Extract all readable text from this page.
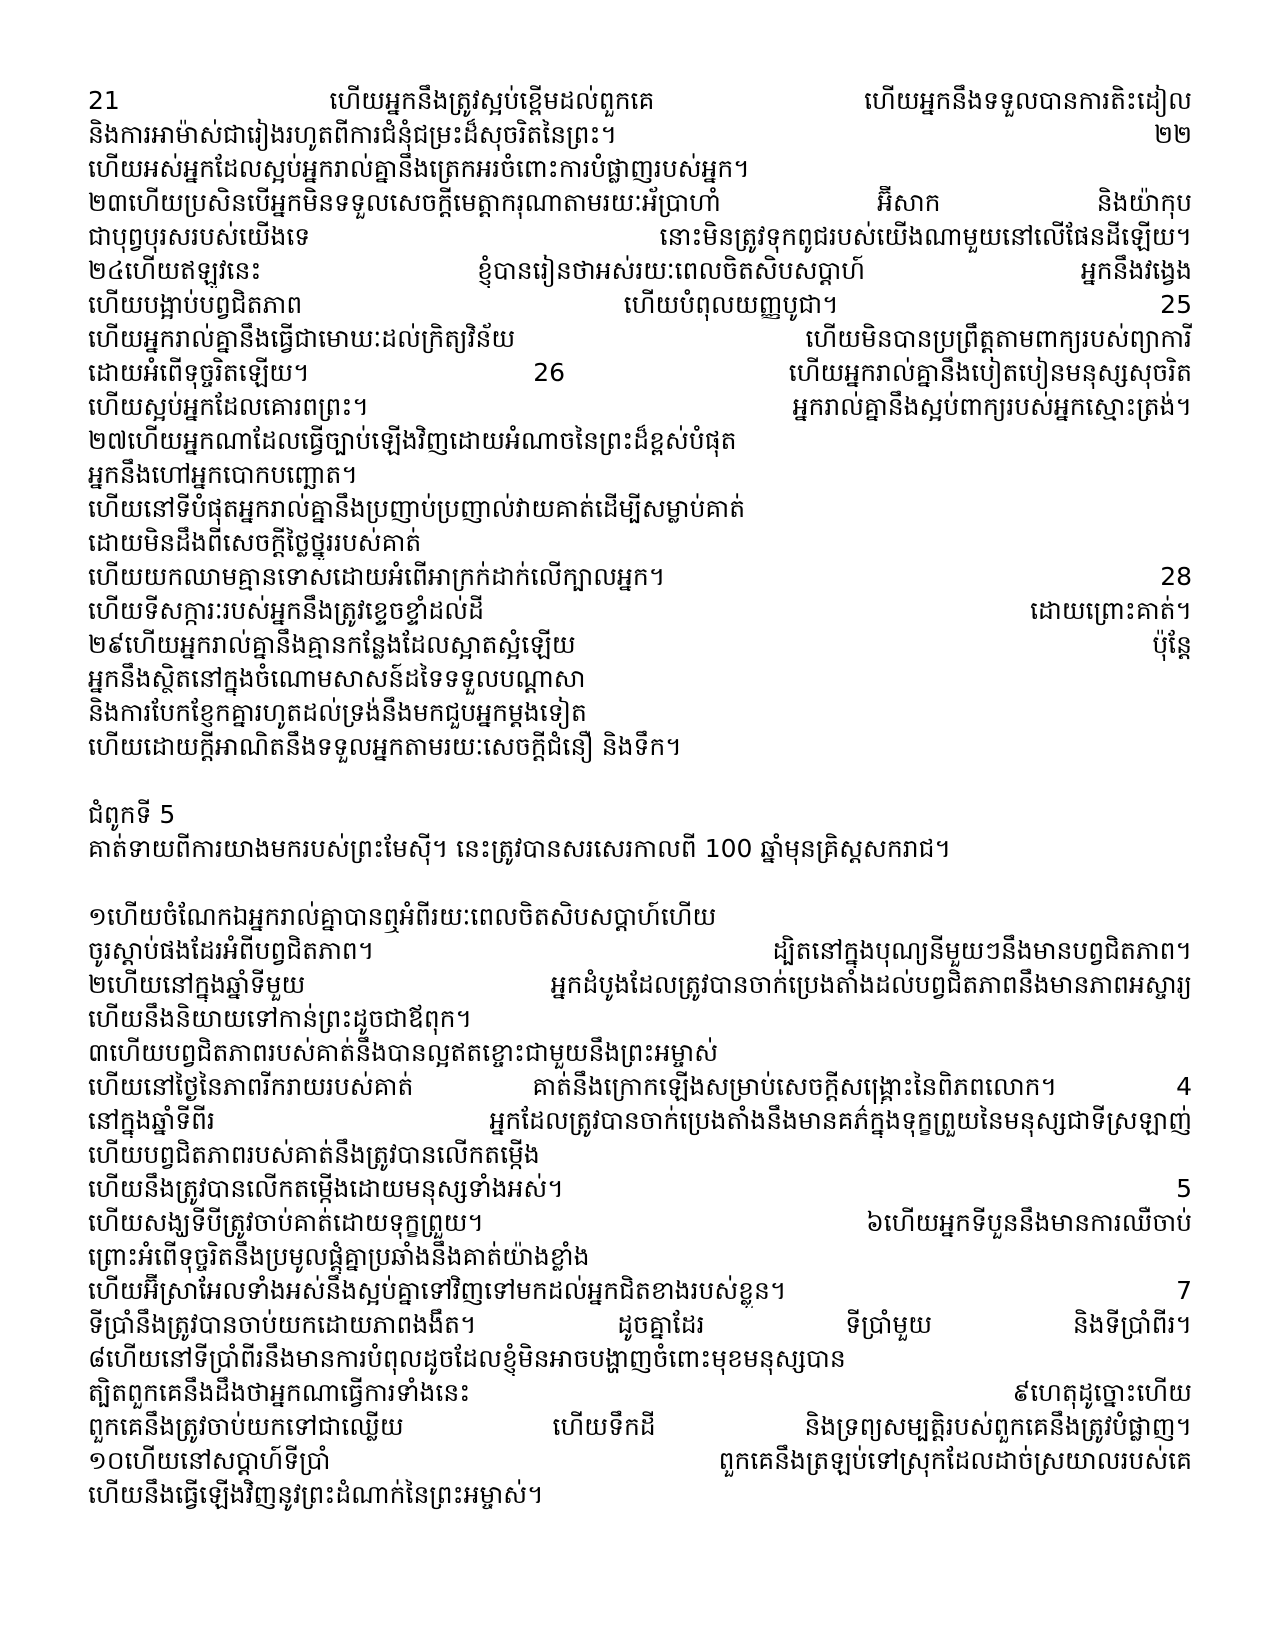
21	ហើយអ្នកនឹងត្រូវស្អប់ខ្ពើមដល់ពួកគេ	ហើយអ្នកនឹងទទួលបានការតិះដៀល
និងការអាម៉ាស់ជារៀងរហូតពីការជំនុំជម្រះដ៏សុចរិតនៃព្រះ។	២២
ហើយអស់អ្នកដែលស្អប់អ្នករាល់គ្នានឹងត្រេកអរចំពោះការបំផ្លាញរបស់អ្នក។
២៣ហើយប្រសិនបើអ្នកមិនទទួលសេចក្តីមេត្តាករុណាតាមរយៈអ័ប្រាហាំ	អ៊ីសាក	និងយ៉ាកុប
ជាបុព្វបុរសរបស់យើងទេ	នោះមិនត្រូវទុកពូជរបស់យើងណាមួយនៅលើផែនដីឡើយ។
២៤ហើយឥឡូវនេះ	ខ្ញុំបានរៀនថាអស់រយៈពេលចិតសិបសប្តាហ៍	អ្នកនឹងវង្វេង
ហើយបង្អាប់បព្វជិតភាព	ហើយបំពុលយញ្ញបូជា។	25
ហើយអ្នករាល់គ្នានឹងធ្វើជាមោឃៈដល់ក្រិត្យវិន័យ	ហើយមិនបានប្រព្រឹត្តតាមពាក្យរបស់ព្យាការី
ដោយអំពើទុច្ចរិតឡើយ។	26	ហើយអ្នករាល់គ្នានឹងបៀតបៀនមនុស្សសុចរិត
ហើយស្អប់អ្នកដែលគោរពព្រះ។	អ្នករាល់គ្នានឹងស្អប់ពាក្យរបស់អ្នកស្មោះត្រង់។
២៧ហើយអ្នកណាដែលធ្វើច្បាប់ឡើងវិញដោយអំណាចនៃព្រះដ៏ខ្ពស់បំផុត
អ្នកនឹងហៅអ្នកបោកបញ្ឆោត។
ហើយនៅទីបំផុតអ្នករាល់គ្នានឹងប្រញាប់ប្រញាល់វាយគាត់ដើម្បីសម្លាប់គាត់
ដោយមិនដឹងពីសេចក្តីថ្លៃថ្នូររបស់គាត់
ហើយយកឈាមគ្មានទោសដោយអំពើអាក្រក់ដាក់លើក្បាលអ្នក។	28
ហើយទីសក្ការៈរបស់អ្នកនឹងត្រូវខ្ទេចខ្ទាំដល់ដី	ដោយព្រោះគាត់។
២៩ហើយអ្នករាល់គ្នានឹងគ្មានកន្លែងដែលស្អាតស្អំឡើយ	ប៉ុន្តែ
អ្នកនឹងស្ថិតនៅក្នុងចំណោមសាសន៍ដទៃទទួលបណ្តាសា
និងការបែកខ្ញែកគ្នារហូតដល់ទ្រង់នឹងមកជួបអ្នកម្តងទៀត
ហើយដោយក្តីអាណិតនឹងទទួលអ្នកតាមរយៈសេចក្តីជំនឿ និងទឹក។
ជំពូកទី 5
គាត់ទាយពីការយាងមករបស់ព្រះមែស៊ី។ នេះត្រូវបានសរសេរកាលពី 100 ឆ្នាំមុនគ្រិស្តសករាជ។
១ហើយចំណែកឯអ្នករាល់គ្នាបានឮអំពីរយៈពេលចិតសិបសប្តាហ៍ហើយ
ចូរស្តាប់ផងដែរអំពីបព្វជិតភាព។	ដ្បិតនៅក្នុងបុណ្យនីមួយៗនឹងមានបព្វជិតភាព។
២ហើយនៅក្នុងឆ្នាំទីមួយ	អ្នកដំបូងដែលត្រូវបានចាក់ប្រេងតាំងដល់បព្វជិតភាពនឹងមានភាពអស្ចារ្យ
ហើយនឹងនិយាយទៅកាន់ព្រះដូចជាឪពុក។
៣ហើយបព្វជិតភាពរបស់គាត់នឹងបានល្អឥតខ្ចោះជាមួយនឹងព្រះអម្ចាស់
ហើយនៅថ្ងៃនៃភាពរីករាយរបស់គាត់	គាត់នឹងក្រោកឡើងសម្រាប់សេចក្តីសង្គ្រោះនៃពិភពលោក។	4
នៅក្នុងឆ្នាំទីពីរ	អ្នកដែលត្រូវបានចាក់ប្រេងតាំងនឹងមានគភ៌ក្នុងទុក្ខព្រួយនៃមនុស្សជាទីស្រឡាញ់
ហើយបព្វជិតភាពរបស់គាត់នឹងត្រូវបានលើកតម្កើង
ហើយនឹងត្រូវបានលើកតម្កើងដោយមនុស្សទាំងអស់។	5
ហើយសង្ឃទីបីត្រូវចាប់គាត់ដោយទុក្ខព្រួយ។	៦ហើយអ្នកទីបួននឹងមានការឈឺចាប់
ព្រោះអំពើទុច្ចរិតនឹងប្រមូលផ្តុំគ្នាប្រឆាំងនឹងគាត់យ៉ាងខ្លាំង
ហើយអ៊ីស្រាអែលទាំងអស់នឹងស្អប់គ្នាទៅវិញទៅមកដល់អ្នកជិតខាងរបស់ខ្លួន។	7
ទីប្រាំនឹងត្រូវបានចាប់យកដោយភាពងងឹត។	ដូចគ្នាដែរ	ទីប្រាំមួយ	និងទីប្រាំពីរ។
៨ហើយនៅទីប្រាំពីរនឹងមានការបំពុលដូចដែលខ្ញុំមិនអាចបង្ហាញចំពោះមុខមនុស្សបាន
ត្បិតពួកគេនឹងដឹងថាអ្នកណាធ្វើការទាំងនេះ	៩ហេតុដូច្នោះហើយ
ពួកគេនឹងត្រូវចាប់យកទៅជាឈ្លើយ	ហើយទឹកដី	និងទ្រព្យសម្បត្តិរបស់ពួកគេនឹងត្រូវបំផ្លាញ។
១០ហើយនៅសប្តាហ៍ទីប្រាំ	ពួកគេនឹងត្រឡប់ទៅស្រុកដែលដាច់ស្រយាលរបស់គេ
ហើយនឹងធ្វើឡើងវិញនូវព្រះដំណាក់នៃព្រះអម្ចាស់។
